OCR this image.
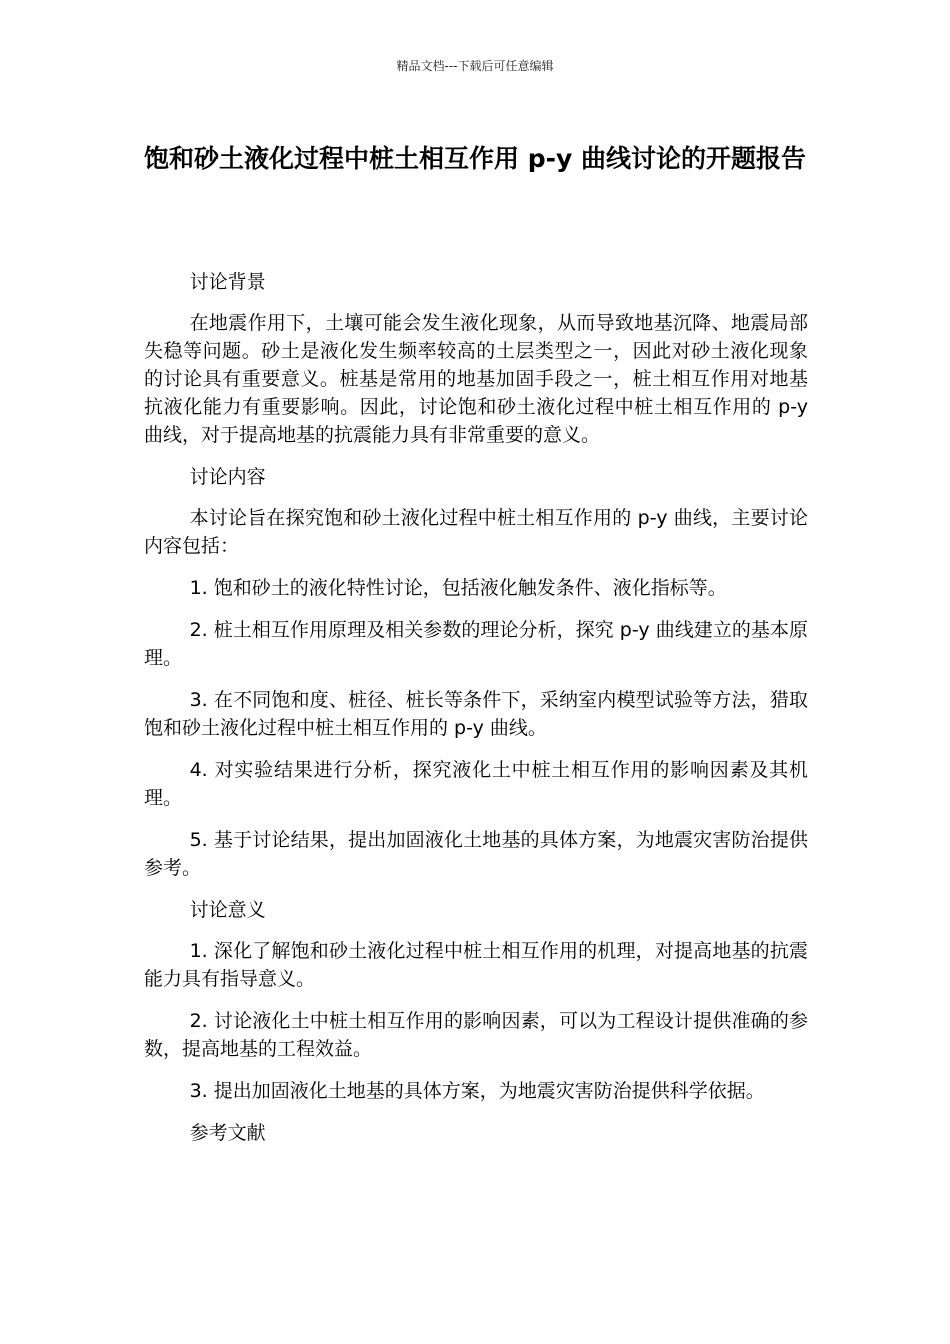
精品文档---下载后可任意编辑
饱和砂土液化过程中桩土相互作用 p-y 曲线讨论的开题报告

讨论背景

在地震作用下，土壤可能会发生液化现象，从而导致地基沉降、地震局部失稳等问题。砂土是液化发生频率较高的土层类型之一，因此对砂土液化现象的讨论具有重要意义。桩基是常用的地基加固手段之一，桩土相互作用对地基抗液化能力有重要影响。因此，讨论饱和砂土液化过程中桩土相互作用的 p-y 曲线，对于提高地基的抗震能力具有非常重要的意义。

讨论内容

本讨论旨在探究饱和砂土液化过程中桩土相互作用的 p-y 曲线，主要讨论内容包括：

1. 饱和砂土的液化特性讨论，包括液化触发条件、液化指标等。

2. 桩土相互作用原理及相关参数的理论分析，探究 p-y 曲线建立的基本原理。

3. 在不同饱和度、桩径、桩长等条件下，采纳室内模型试验等方法，猎取饱和砂土液化过程中桩土相互作用的 p-y 曲线。

4. 对实验结果进行分析，探究液化土中桩土相互作用的影响因素及其机理。

5. 基于讨论结果，提出加固液化土地基的具体方案，为地震灾害防治提供参考。

讨论意义

1. 深化了解饱和砂土液化过程中桩土相互作用的机理，对提高地基的抗震能力具有指导意义。

2. 讨论液化土中桩土相互作用的影响因素，可以为工程设计提供准确的参数，提高地基的工程效益。

3. 提出加固液化土地基的具体方案，为地震灾害防治提供科学依据。

参考文献
